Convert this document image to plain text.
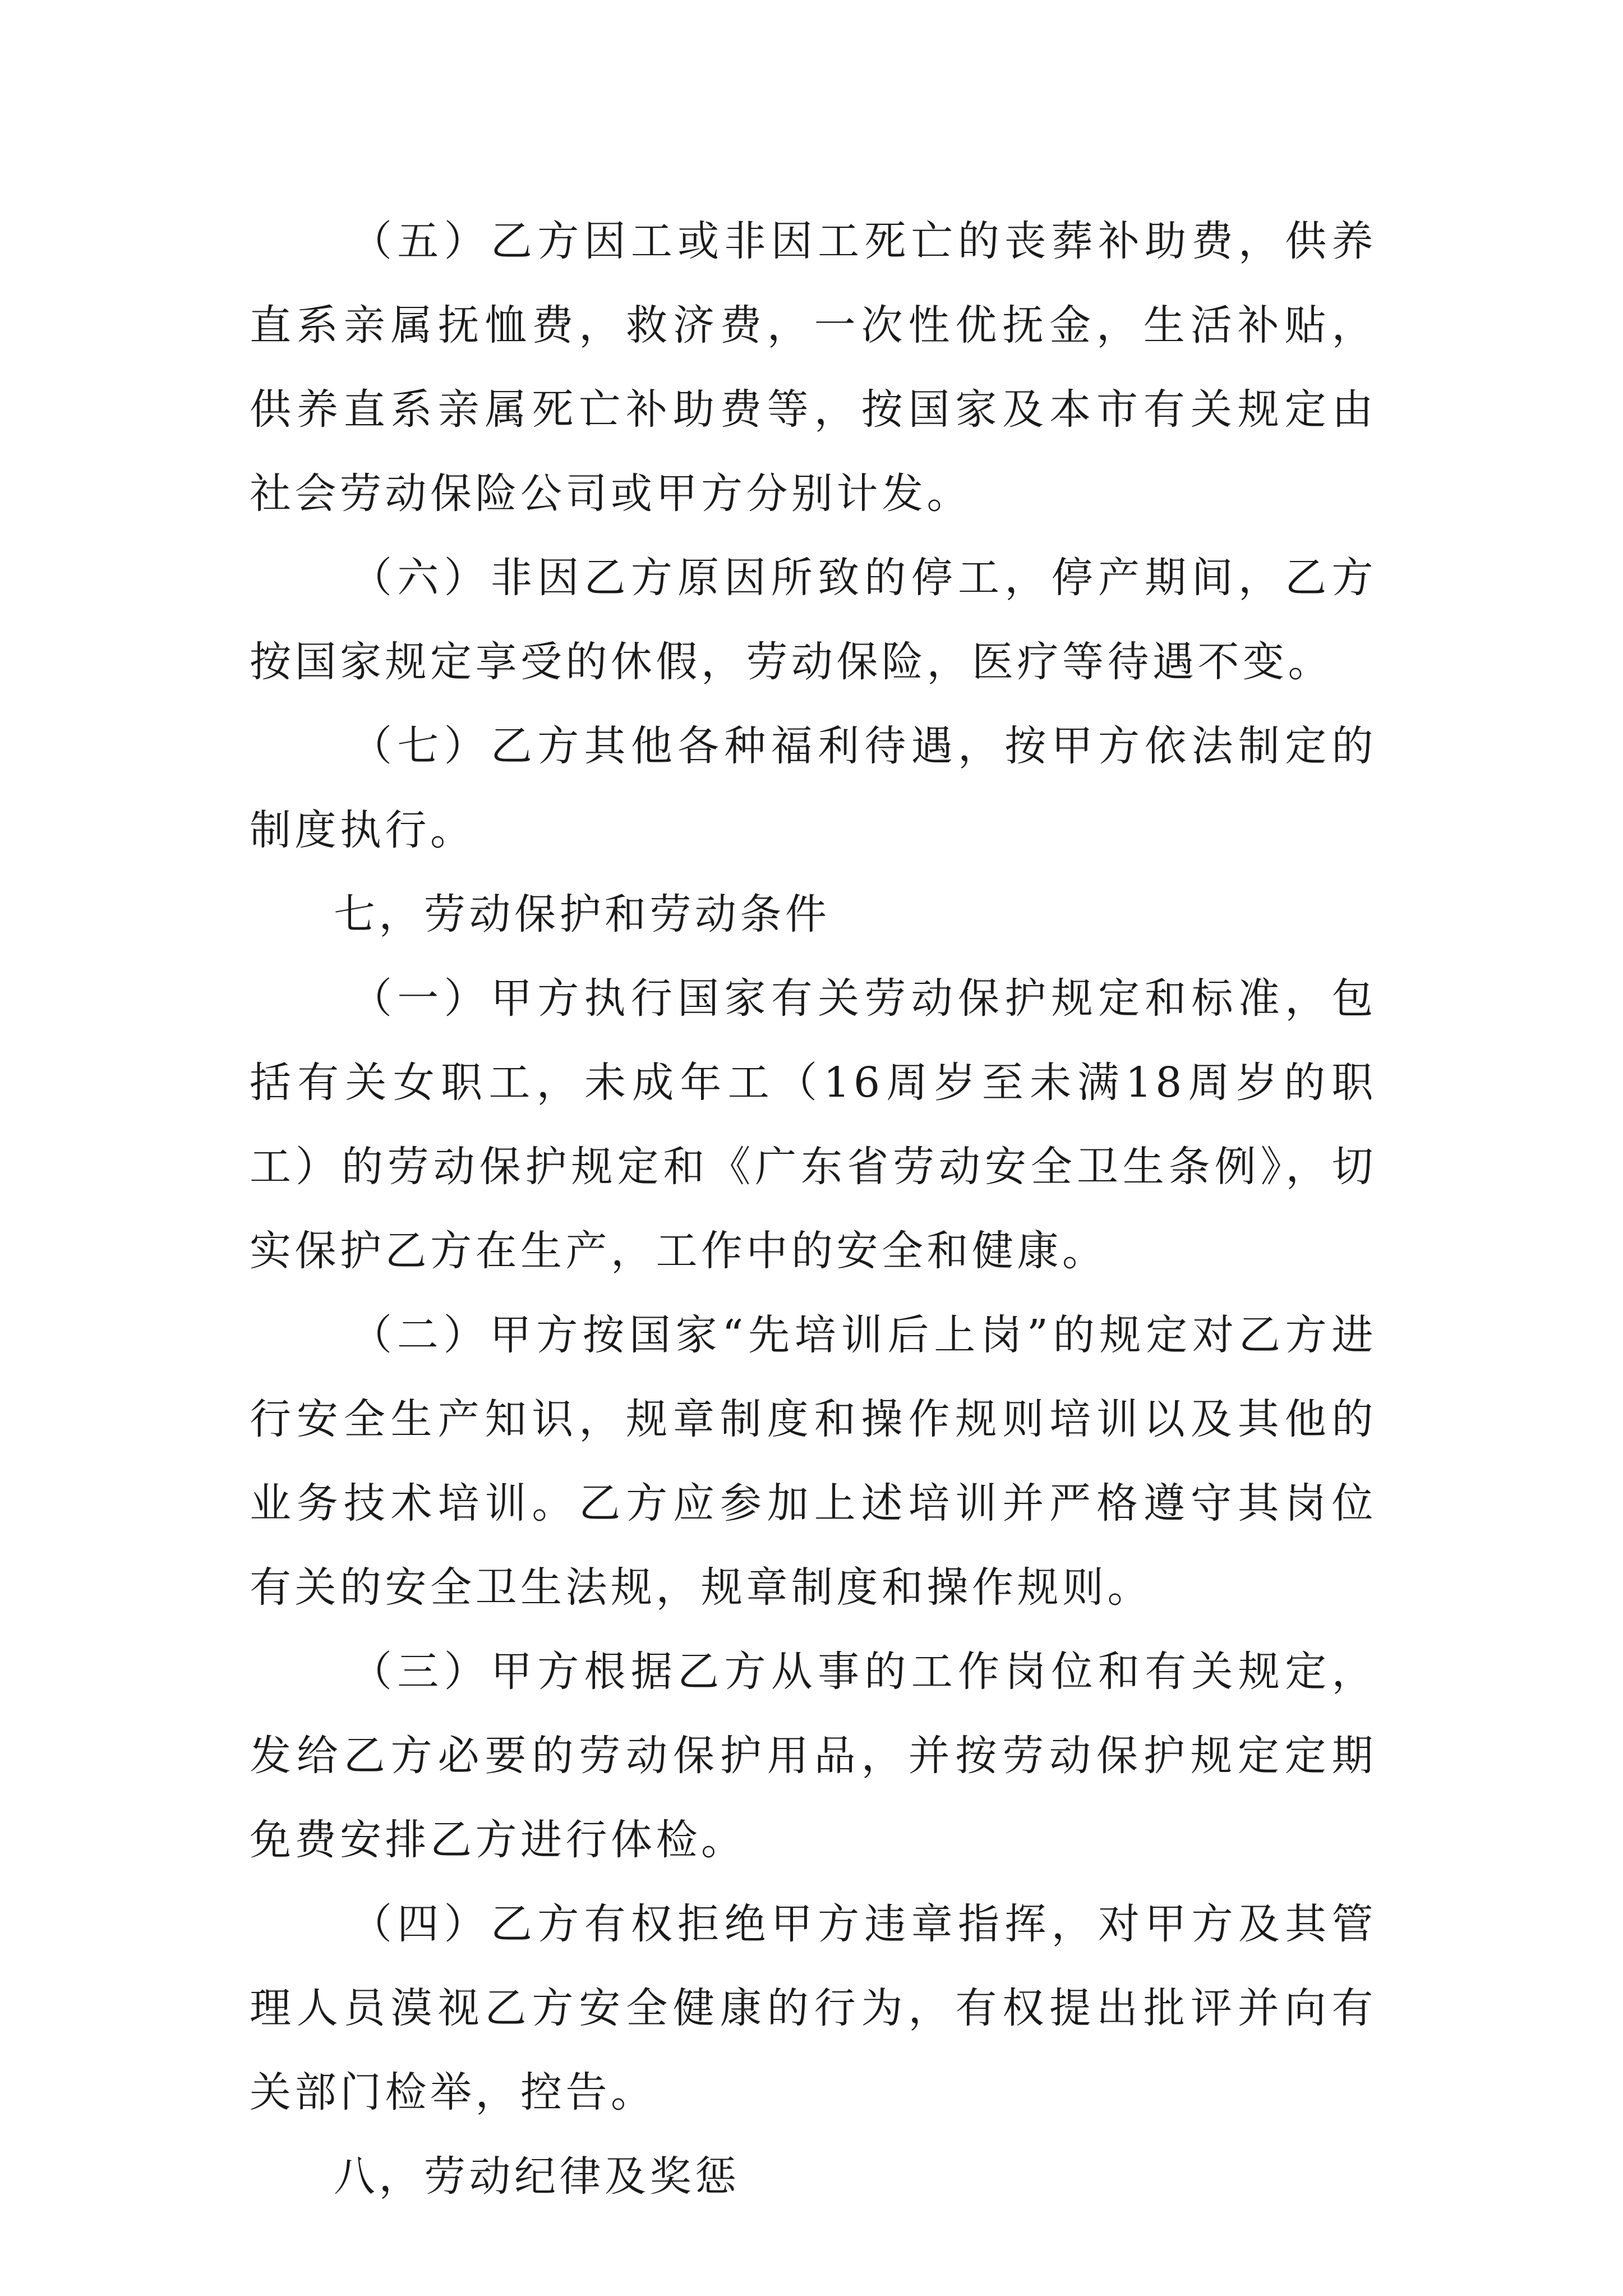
（五）乙方因工或非因工死亡的丧葬补助费，供养直系亲属抚恤费，救济费，一次性优抚金，生活补贴，供养直系亲属死亡补助费等，按国家及本市有关规定由社会劳动保险公司或甲方分别计发。

（六）非因乙方原因所致的停工，停产期间，乙方按国家规定享受的休假，劳动保险，医疗等待遇不变。

（七）乙方其他各种福利待遇，按甲方依法制定的制度执行。

七，劳动保护和劳动条件

（一）甲方执行国家有关劳动保护规定和标准，包括有关女职工，未成年工（16周岁至未满18周岁的职工）的劳动保护规定和《广东省劳动安全卫生条例》，切实保护乙方在生产，工作中的安全和健康。

（二）甲方按国家“先培训后上岗”的规定对乙方进行安全生产知识，规章制度和操作规则培训以及其他的业务技术培训。乙方应参加上述培训并严格遵守其岗位有关的安全卫生法规，规章制度和操作规则。

（三）甲方根据乙方从事的工作岗位和有关规定，发给乙方必要的劳动保护用品，并按劳动保护规定定期免费安排乙方进行体检。

（四）乙方有权拒绝甲方违章指挥，对甲方及其管理人员漠视乙方安全健康的行为，有权提出批评并向有关部门检举，控告。

八，劳动纪律及奖惩
